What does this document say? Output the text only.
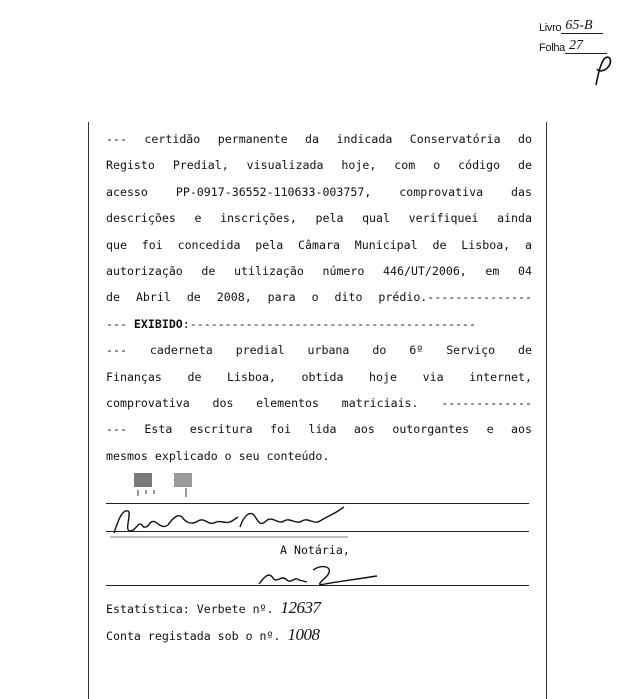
Livro 65-B
Folha 27
--- certidão permanente da indicada Conservatória do
Registo Predial, visualizada hoje, com o código de
acesso PP-0917-36552-110633-003757, comprovativa das
descrições e inscrições, pela qual verifiquei ainda
que foi concedida pela Câmara Municipal de Lisboa, a
autorização de utilização número 446/UT/2006, em 04
de Abril de 2008, para o dito prédio.---------------
--- EXIBIDO:-----------------------------------------
--- caderneta predial urbana do 6º Serviço de
Finanças de Lisboa, obtida hoje via internet,
comprovativa dos elementos matriciais. -------------
--- Esta escritura foi lida aos outorgantes e aos
mesmos explicado o seu conteúdo.
A Notária,
Estatística: Verbete nº. 12637
Conta registada sob o nº. 1008
